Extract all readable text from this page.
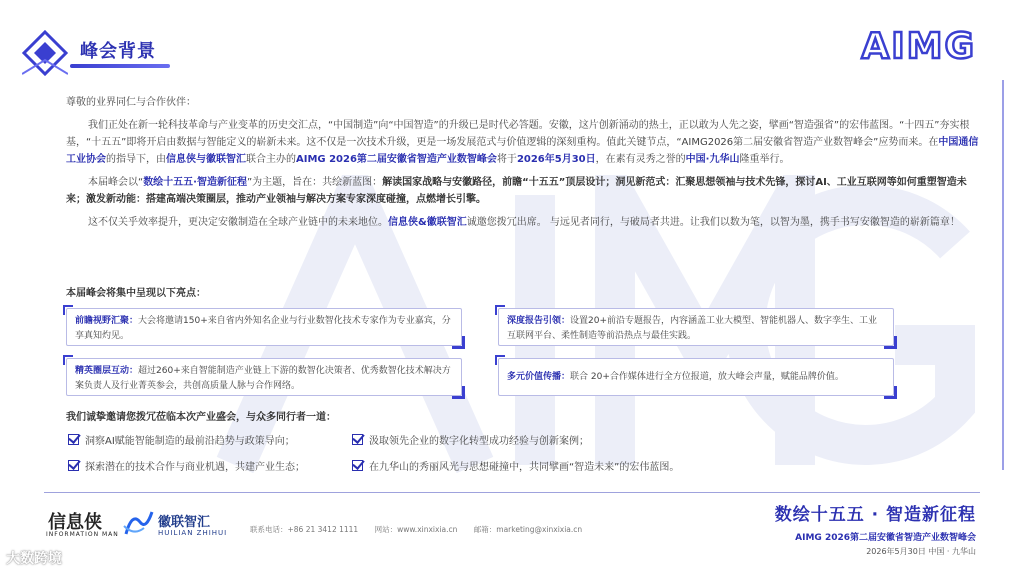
峰会背景	AIMG

尊敬的业界同仁与合作伙伴：

我们正处在新一轮科技革命与产业变革的历史交汇点，“中国制造”向“中国智造”的升级已是时代必答题。安徽，这片创新涌动的热土，正以敢为人先之姿，擘画“智造强省”的宏伟蓝图。“十四五”夯实根基，“十五五”即将开启由数据与智能定义的崭新未来。这不仅是一次技术升级，更是一场发展范式与价值逻辑的深刻重构。值此关键节点，“AIMG2026第二届安徽省智造产业数智峰会”应势而来。在中国通信工业协会的指导下，由信息侠与徽联智汇联合主办的AIMG 2026第二届安徽省智造产业数智峰会将于2026年5月30日，在素有灵秀之誉的中国·九华山隆重举行。

本届峰会以“数绘十五五·智造新征程”为主题，旨在：共绘新蓝图：解读国家战略与安徽路径，前瞻“十五五”顶层设计；洞见新范式：汇聚思想领袖与技术先锋，探讨AI、工业互联网等如何重塑智造未来；激发新动能：搭建高端决策圈层，推动产业领袖与解决方案专家深度碰撞，点燃增长引擎。

这不仅关乎效率提升，更决定安徽制造在全球产业链中的未来地位。信息侠&徽联智汇诚邀您拨冗出席。 与远见者同行，与破局者共进。让我们以数为笔，以智为墨，携手书写安徽智造的崭新篇章！

本届峰会将集中呈现以下亮点：
前瞻视野汇聚：大会将邀请150+来自省内外知名企业与行业数智化技术专家作为专业嘉宾，分享真知灼见。
深度报告引领：设置20+前沿专题报告，内容涵盖工业大模型、智能机器人、数字孪生、工业互联网平台、柔性制造等前沿热点与最佳实践。
精英圈层互动：超过260+来自智能制造产业链上下游的数智化决策者、优秀数智化技术解决方案负责人及行业菁英参会，共创高质量人脉与合作网络。
多元价值传播：联合 20+合作媒体进行全方位报道，放大峰会声量，赋能品牌价值。
我们诚挚邀请您拨冗莅临本次产业盛会，与众多同行者一道：
洞察AI赋能智能制造的最前沿趋势与政策导向；	汲取领先企业的数字化转型成功经验与创新案例；
探索潜在的技术合作与商业机遇，共建产业生态；	在九华山的秀丽风光与思想碰撞中，共同擘画“智造未来”的宏伟蓝图。
信息侠
INFORMATION MAN
徽联智汇
HUILIAN ZHIHUI	联系电话：+86 21 3412 1111 网站：www.xinxixia.cn 邮箱：marketing@xinxixia.cn
数绘十五五 · 智造新征程
AIMG 2026第二届安徽省智造产业数智峰会
2026年5月30日 中国 · 九华山
大数跨境
